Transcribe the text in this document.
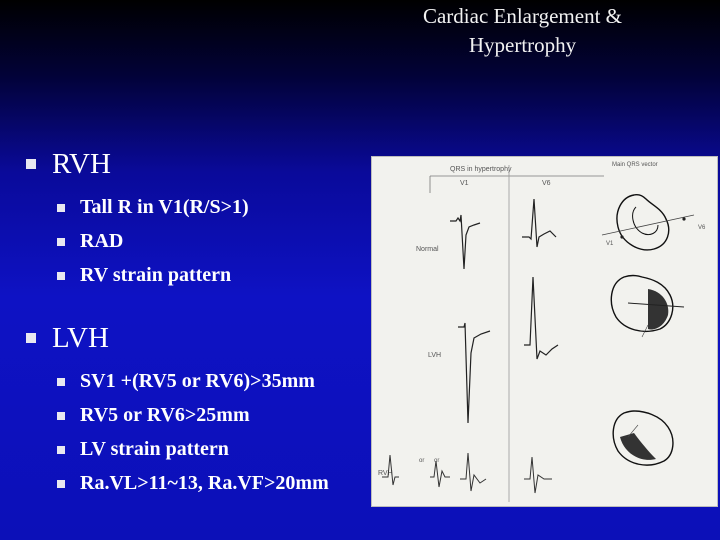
Cardiac Enlargement &
Hypertrophy
RVH
Tall R in V1(R/S>1)
RAD
RV strain pattern
LVH
SV1 +(RV5 or RV6)>35mm
RV5 or RV6>25mm
LV strain pattern
Ra.VL>11~13, Ra.VF>20mm
QRS in hypertrophy
Main QRS vector
V1	V6
Normal
LVH
RVH
or or
V1
V6
